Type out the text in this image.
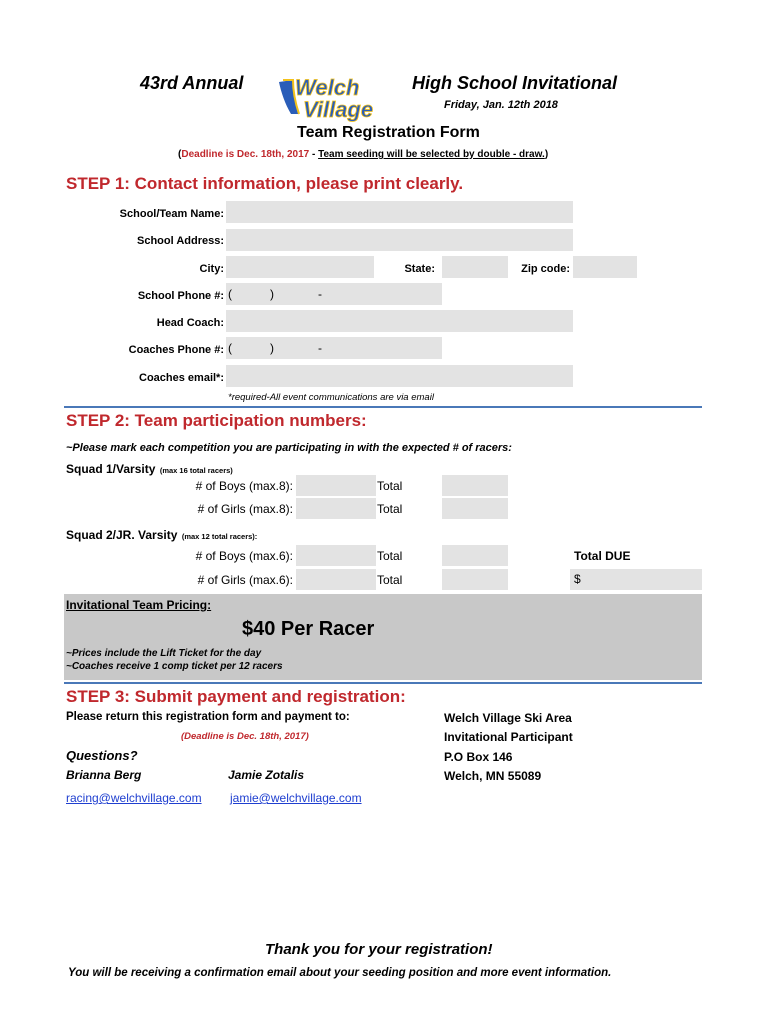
43rd Annual Welch
Village
High School Invitational
Friday, Jan. 12th 2018
Team Registration Form
(Deadline is Dec. 18th, 2017 - Team seeding will be selected by double - draw.)
STEP 1: Contact information, please print clearly.
School/Team Name:
School Address:
City:	State:	Zip code:
School Phone #: (	)	-
Head Coach:
Coaches Phone #: (	)	-
Coaches email*:
*required-All event communications are via email
STEP 2: Team participation numbers:
~Please mark each competition you are participating in with the expected # of racers:
Squad 1/Varsity (max 16 total racers)
# of Boys (max.8):	Total
# of Girls (max.8):	Total
Squad 2/JR. Varsity (max 12 total racers):
# of Boys (max.6):	Total	Total DUE
# of Girls (max.6):	Total	$
Invitational Team Pricing:
$40 Per Racer
~Prices include the Lift Ticket for the day
~Coaches receive 1 comp ticket per 12 racers
STEP 3: Submit payment and registration:
Please return this registration form and payment to:
(Deadline is Dec. 18th, 2017)
Questions?
Brianna Berg	Jamie Zotalis
racing@welchvillage.com jamie@welchvillage.com
Welch Village Ski Area
Invitational Participant
P.O Box 146
Welch, MN 55089
Thank you for your registration!
You will be receiving a confirmation email about your seeding position and more event information.
